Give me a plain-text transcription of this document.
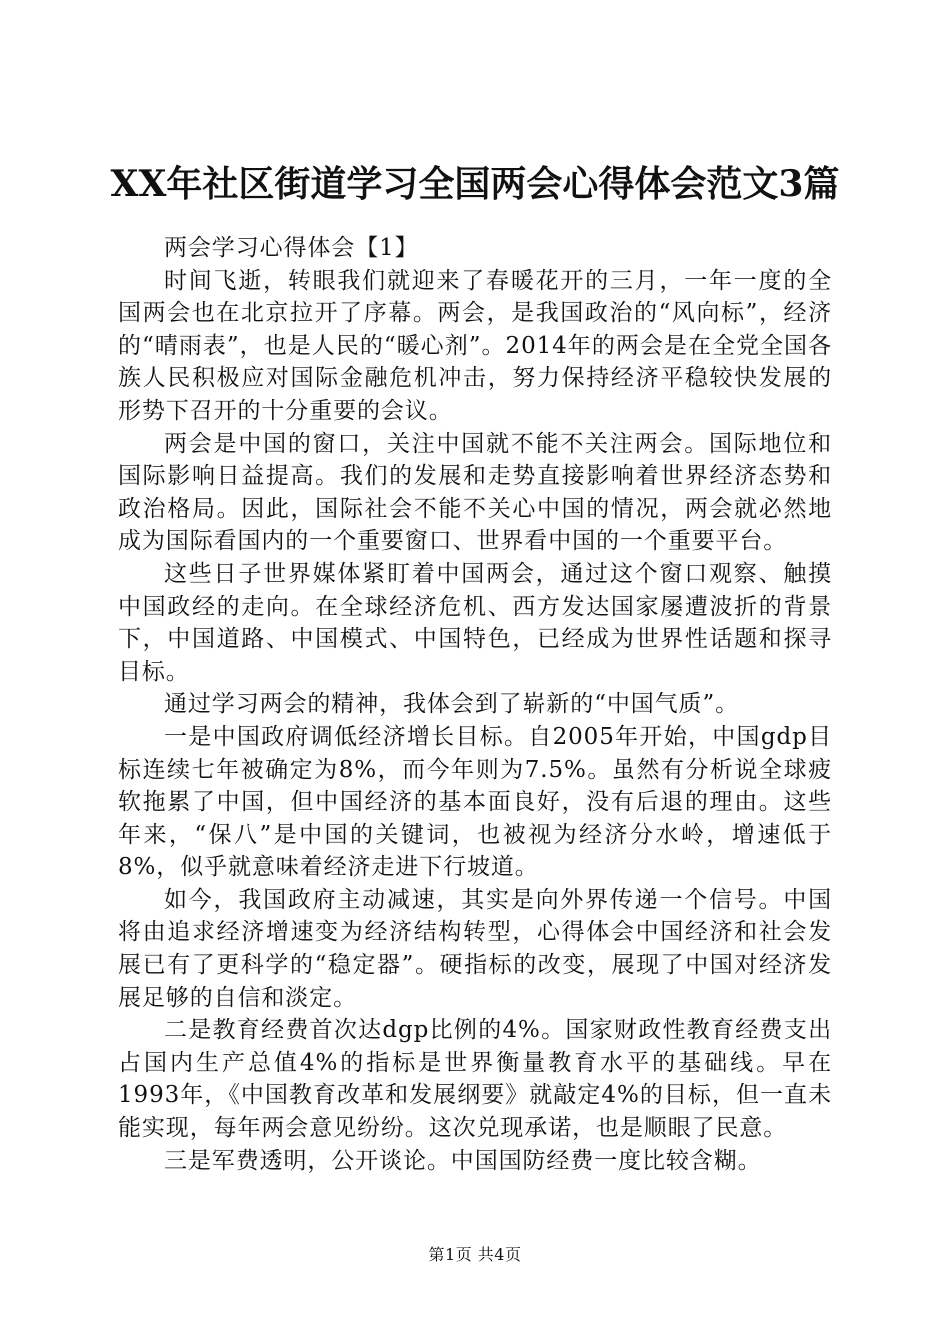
XX年社区街道学习全国两会心得体会范文3篇

两会学习心得体会【1】

时间飞逝，转眼我们就迎来了春暖花开的三月，一年一度的全国两会也在北京拉开了序幕。两会，是我国政治的“风向标”，经济的“晴雨表”，也是人民的“暖心剂”。2014年的两会是在全党全国各族人民积极应对国际金融危机冲击，努力保持经济平稳较快发展的形势下召开的十分重要的会议。

两会是中国的窗口，关注中国就不能不关注两会。国际地位和国际影响日益提高。我们的发展和走势直接影响着世界经济态势和政治格局。因此，国际社会不能不关心中国的情况，两会就必然地成为国际看国内的一个重要窗口、世界看中国的一个重要平台。

这些日子世界媒体紧盯着中国两会，通过这个窗口观察、触摸中国政经的走向。在全球经济危机、西方发达国家屡遭波折的背景下，中国道路、中国模式、中国特色，已经成为世界性话题和探寻目标。

通过学习两会的精神，我体会到了崭新的“中国气质”。

一是中国政府调低经济增长目标。自2005年开始，中国gdp目标连续七年被确定为8%，而今年则为7.5%。虽然有分析说全球疲软拖累了中国，但中国经济的基本面良好，没有后退的理由。这些年来，“保八”是中国的关键词，也被视为经济分水岭，增速低于8%，似乎就意味着经济走进下行坡道。

如今，我国政府主动减速，其实是向外界传递一个信号。中国将由追求经济增速变为经济结构转型，心得体会中国经济和社会发展已有了更科学的“稳定器”。硬指标的改变，展现了中国对经济发展足够的自信和淡定。

二是教育经费首次达dgp比例的4%。国家财政性教育经费支出占国内生产总值4%的指标是世界衡量教育水平的基础线。早在1993年，《中国教育改革和发展纲要》就敲定4%的目标，但一直未能实现，每年两会意见纷纷。这次兑现承诺，也是顺眼了民意。

三是军费透明，公开谈论。中国国防经费一度比较含糊。

第1页 共4页
